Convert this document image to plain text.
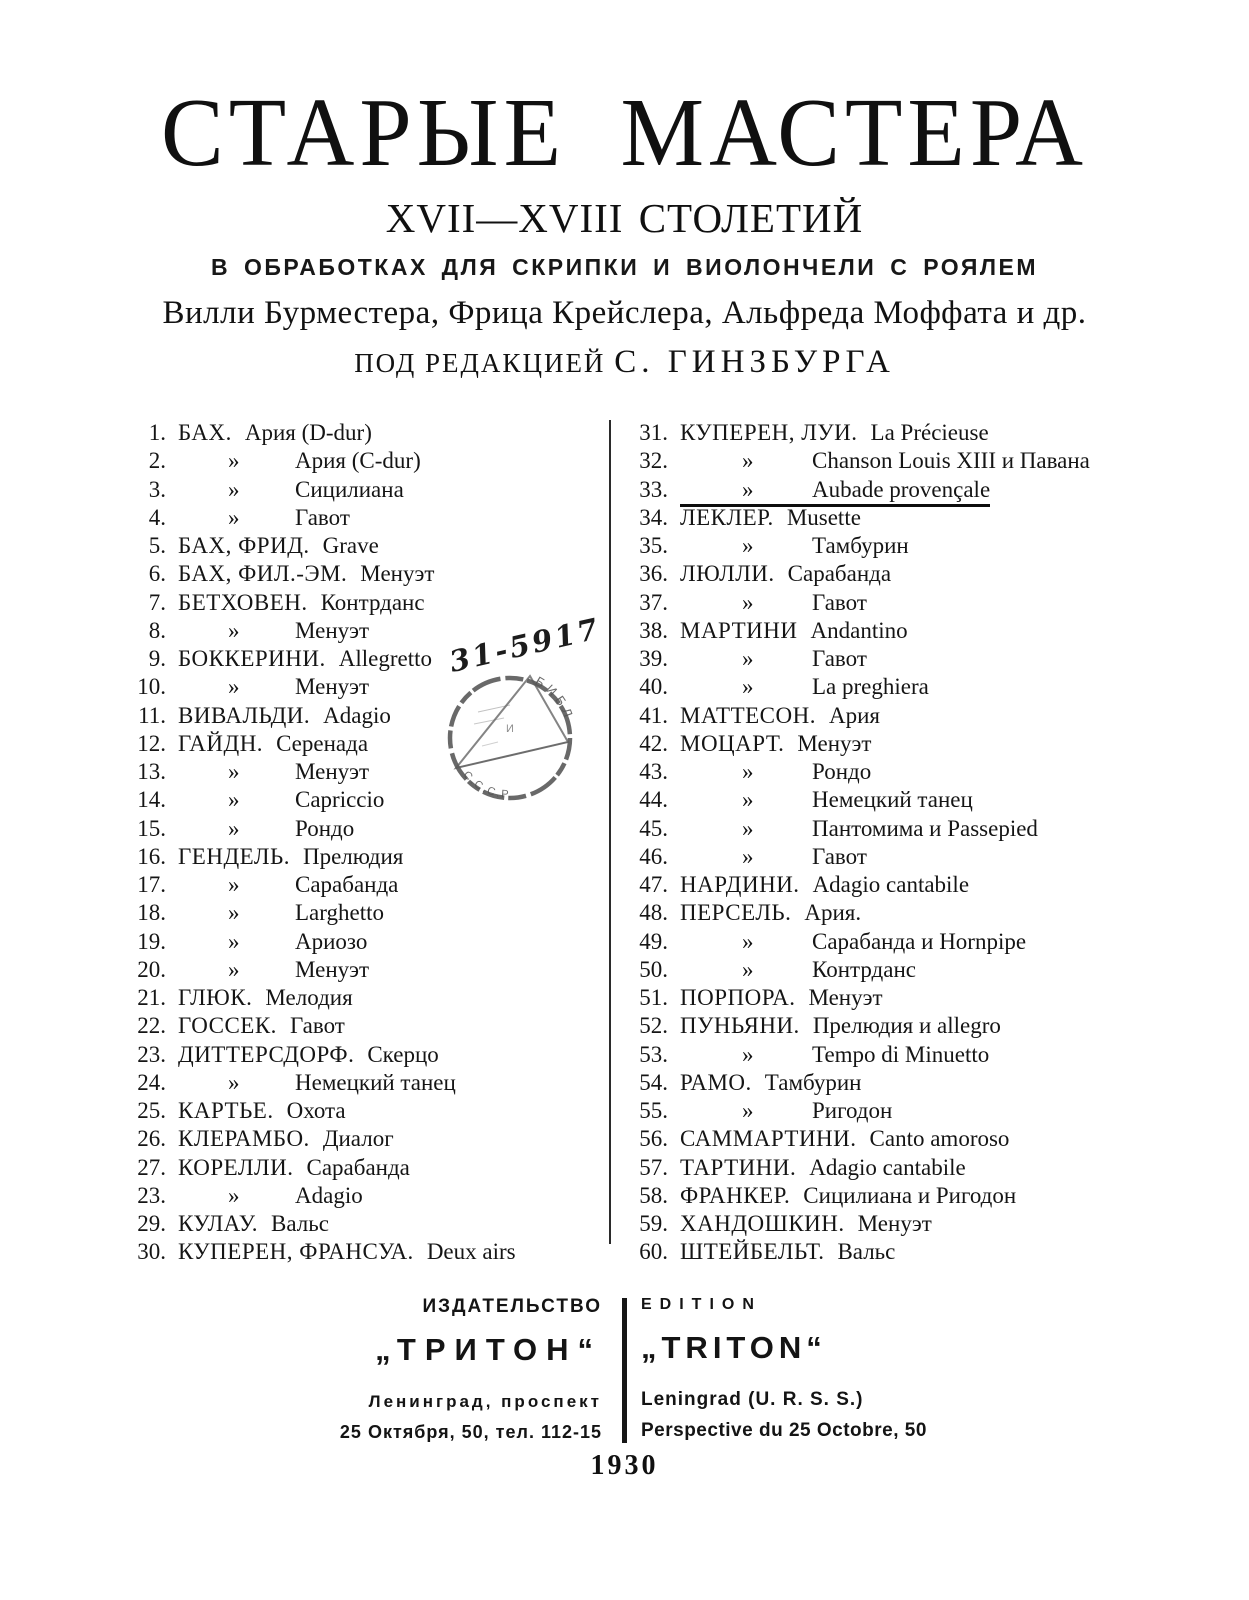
СТАРЫЕ МАСТЕРА
XVII—XVIII СТОЛЕТИЙ
В ОБРАБОТКАХ ДЛЯ СКРИПКИ И ВИОЛОНЧЕЛИ С РОЯЛЕМ
Вилли Бурместера, Фрица Крейслера, Альфреда Моффата и др.
ПОД РЕДАКЦИЕЙ С. ГИНЗБУРГА
1. БАХ. Ария (D-dur)
2.	» Ария (C-dur)
3.	» Сицилиана
4.	» Гавот
5. БАХ, ФРИД. Grave
6. БАХ, ФИЛ.-ЭМ. Менуэт
7. БЕТХОВЕН. Контрданс
8.	» Менуэт
9. БОККЕРИНИ. Allegretto
10.	» Менуэт
11. ВИВАЛЬДИ. Adagio
12. ГАЙДН. Серенада
13.	» Менуэт
14.	» Capriccio
15.	» Рондо
16. ГЕНДЕЛЬ. Прелюдия
17.	» Сарабанда
18.	» Larghetto
19.	» Ариозо
20.	» Менуэт
21. ГЛЮК. Мелодия
22. ГОССЕК. Гавот
23. ДИТТЕРСДОРФ. Скерцо
24.	» Немецкий танец
25. КАРТЬЕ. Охота
26. КЛЕРАМБО. Диалог
27. КОРЕЛЛИ. Сарабанда
23.	» Adagio
29. КУЛАУ. Вальс
30. КУПЕРЕН, ФРАНСУА. Deux airs
31. КУПЕРЕН, ЛУИ. La Précieuse
32.	»	Chanson Louis XIII и Павана
33.	»	Aubade provençale
34. ЛЕКЛЕР. Musette
35.	»	Тамбурин
36. ЛЮЛЛИ. Сарабанда
37.	»	Гавот
38. МАРТИНИ Andantino
39.	»	Гавот
40.	»	La preghiera
41. МАТТЕСОН. Ария
42. МОЦАРТ. Менуэт
43.	»	Рондо
44.	»	Немецкий танец
45.	»	Пантомима и Passepied
46.	»	Гавот
47. НАРДИНИ. Adagio cantabile
48. ПЕРСЕЛЬ. Ария.
49.	»	Сарабанда и Hornpipe
50.	»	Контрданс
51. ПОРПОРА. Менуэт
52. ПУНЬЯНИ. Прелюдия и allegro
53.	»	Tempo di Minuetto
54. РАМО. Тамбурин
55.	»	Ригодон
56. САММАРТИНИ. Canto amoroso
57. ТАРТИНИ. Adagio cantabile
58. ФРАНКЕР. Сицилиана и Ригодон
59. ХАНДОШКИН. Менуэт
60. ШТЕЙБЕЛЬТ. Вальс
31-5917
БИБЛ
С.С.С.Р.
И
ИЗДАТЕЛЬСТВО
„ТРИТОН“
Ленинград, проспект
25 Октября, 50, тел. 112-15
EDITION
„TRITON“
Leningrad (U. R. S. S.)
Perspective du 25 Octobre, 50
1930
